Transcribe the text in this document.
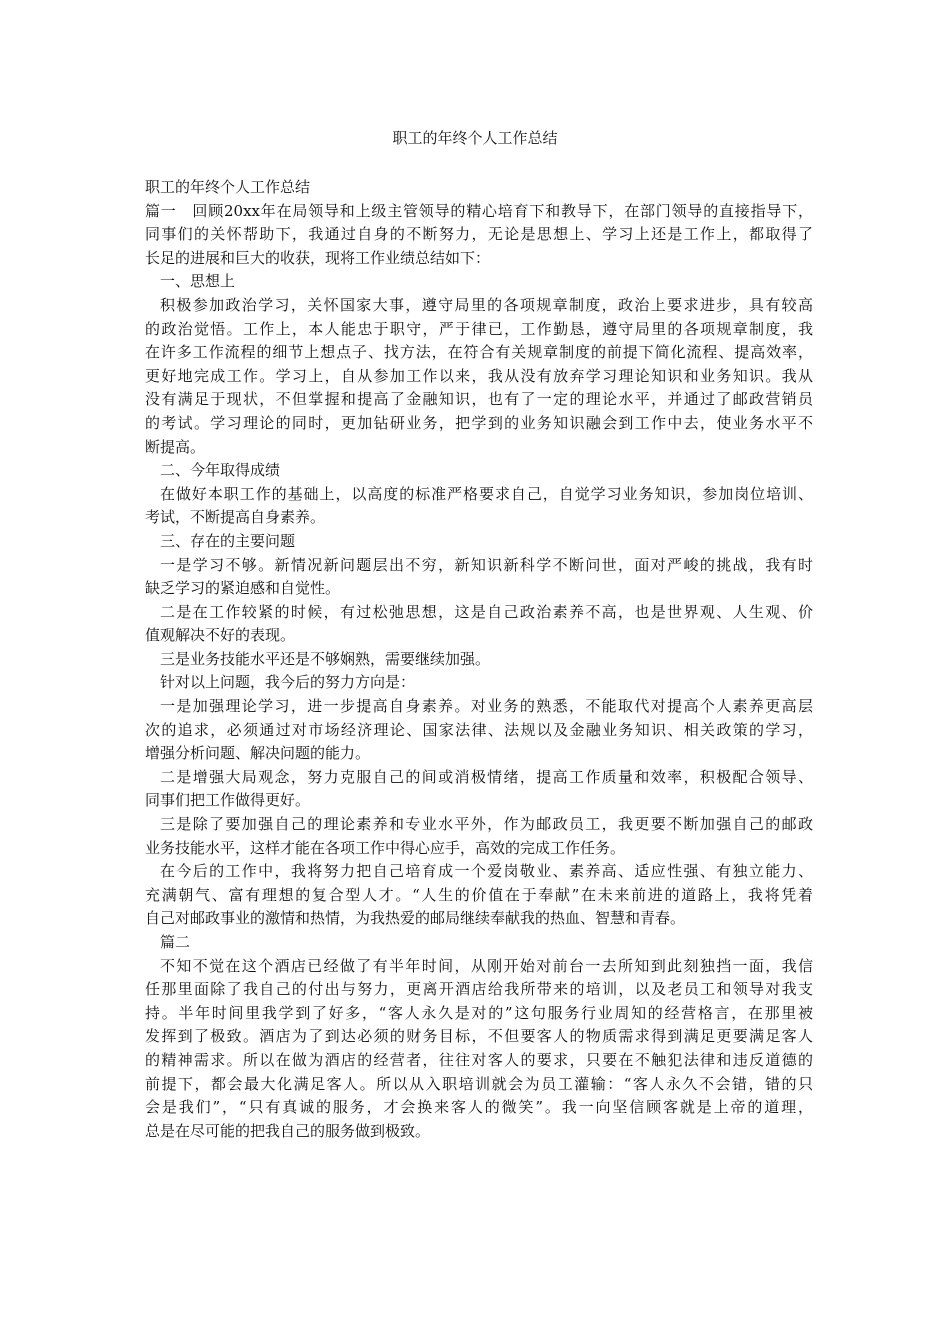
职工的年终个人工作总结
职工的年终个人工作总结
篇一　回顾20xx年在局领导和上级主管领导的精心培育下和教导下，在部门领导的直接指导下，
同事们的关怀帮助下，我通过自身的不断努力，无论是思想上、学习上还是工作上，都取得了
长足的进展和巨大的收获，现将工作业绩总结如下：
一、思想上
积极参加政治学习，关怀国家大事，遵守局里的各项规章制度，政治上要求进步，具有较高
的政治觉悟。工作上，本人能忠于职守，严于律已，工作勤恳，遵守局里的各项规章制度，我
在许多工作流程的细节上想点子、找方法，在符合有关规章制度的前提下简化流程、提高效率，
更好地完成工作。学习上，自从参加工作以来，我从没有放弃学习理论知识和业务知识。我从
没有满足于现状，不但掌握和提高了金融知识，也有了一定的理论水平，并通过了邮政营销员
的考试。学习理论的同时，更加钻研业务，把学到的业务知识融会到工作中去，使业务水平不
断提高。
二、今年取得成绩
在做好本职工作的基础上，以高度的标准严格要求自己，自觉学习业务知识，参加岗位培训、
考试，不断提高自身素养。
三、存在的主要问题
一是学习不够。新情况新问题层出不穷，新知识新科学不断问世，面对严峻的挑战，我有时
缺乏学习的紧迫感和自觉性。
二是在工作较紧的时候，有过松弛思想，这是自己政治素养不高，也是世界观、人生观、价
值观解决不好的表现。
三是业务技能水平还是不够娴熟，需要继续加强。
针对以上问题，我今后的努力方向是：
一是加强理论学习，进一步提高自身素养。对业务的熟悉，不能取代对提高个人素养更高层
次的追求，必须通过对市场经济理论、国家法律、法规以及金融业务知识、相关政策的学习，
增强分析问题、解决问题的能力。
二是增强大局观念，努力克服自己的间或消极情绪，提高工作质量和效率，积极配合领导、
同事们把工作做得更好。
三是除了要加强自己的理论素养和专业水平外，作为邮政员工，我更要不断加强自己的邮政
业务技能水平，这样才能在各项工作中得心应手，高效的完成工作任务。
在今后的工作中，我将努力把自己培育成一个爱岗敬业、素养高、适应性强、有独立能力、
充满朝气、富有理想的复合型人才。“人生的价值在于奉献”在未来前进的道路上，我将凭着
自己对邮政事业的激情和热情，为我热爱的邮局继续奉献我的热血、智慧和青春。
篇二
不知不觉在这个酒店已经做了有半年时间，从刚开始对前台一去所知到此刻独挡一面，我信
任那里面除了我自己的付出与努力，更离开酒店给我所带来的培训，以及老员工和领导对我支
持。半年时间里我学到了好多，“客人永久是对的”这句服务行业周知的经营格言，在那里被
发挥到了极致。酒店为了到达必须的财务目标，不但要客人的物质需求得到满足更要满足客人
的精神需求。所以在做为酒店的经营者，往往对客人的要求，只要在不触犯法律和违反道德的
前提下，都会最大化满足客人。所以从入职培训就会为员工灌输：“客人永久不会错，错的只
会是我们”，“只有真诚的服务，才会换来客人的微笑”。我一向坚信顾客就是上帝的道理，
总是在尽可能的把我自己的服务做到极致。
